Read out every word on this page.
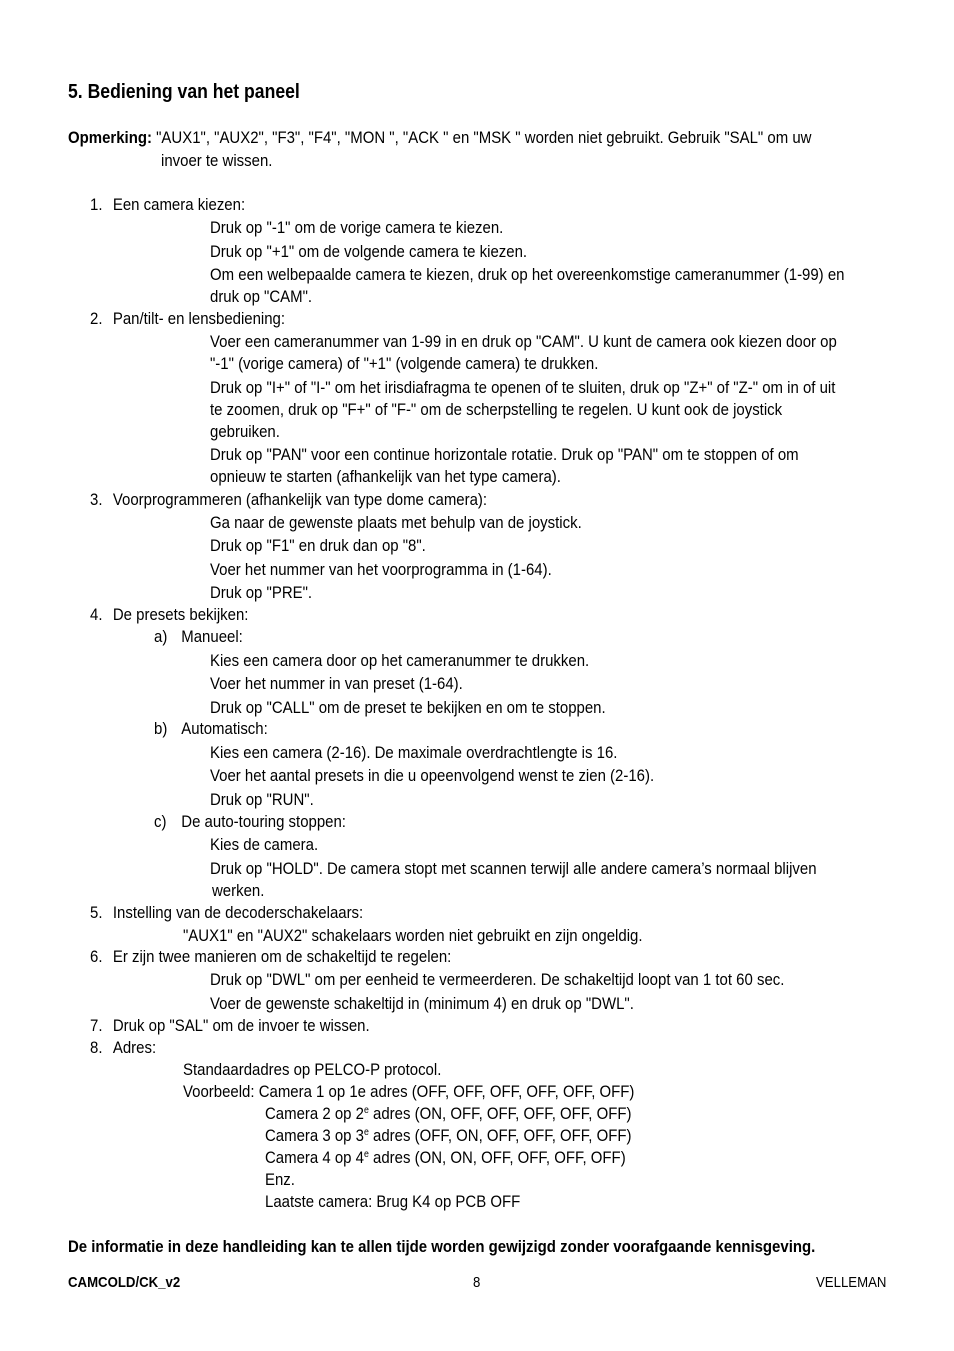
5. Bediening van het paneel
Opmerking: "AUX1", "AUX2", "F3", "F4", "MON ", "ACK " en "MSK " worden niet gebruikt. Gebruik "SAL" om uw
invoer te wissen.
1. Een camera kiezen:
Druk op "-1" om de vorige camera te kiezen.
Druk op "+1" om de volgende camera te kiezen.
Om een welbepaalde camera te kiezen, druk op het overeenkomstige cameranummer (1-99) en
druk op "CAM".
2. Pan/tilt- en lensbediening:
Voer een cameranummer van 1-99 in en druk op "CAM". U kunt de camera ook kiezen door op
"-1" (vorige camera) of "+1" (volgende camera) te drukken.
Druk op "I+" of "I-" om het irisdiafragma te openen of te sluiten, druk op "Z+" of "Z-" om in of uit
te zoomen, druk op "F+" of "F-" om de scherpstelling te regelen. U kunt ook de joystick
gebruiken.
Druk op "PAN" voor een continue horizontale rotatie. Druk op "PAN" om te stoppen of om
opnieuw te starten (afhankelijk van het type camera).
3. Voorprogrammeren (afhankelijk van type dome camera):
Ga naar de gewenste plaats met behulp van de joystick.
Druk op "F1" en druk dan op "8".
Voer het nummer van het voorprogramma in (1-64).
Druk op "PRE".
4. De presets bekijken:
a) Manueel:
Kies een camera door op het cameranummer te drukken.
Voer het nummer in van preset (1-64).
Druk op "CALL" om de preset te bekijken en om te stoppen.
b) Automatisch:
Kies een camera (2-16). De maximale overdrachtlengte is 16.
Voer het aantal presets in die u opeenvolgend wenst te zien (2-16).
Druk op "RUN".
c) De auto-touring stoppen:
Kies de camera.
Druk op "HOLD". De camera stopt met scannen terwijl alle andere camera’s normaal blijven
werken.
5. Instelling van de decoderschakelaars:
"AUX1" en "AUX2" schakelaars worden niet gebruikt en zijn ongeldig.
6. Er zijn twee manieren om de schakeltijd te regelen:
Druk op "DWL" om per eenheid te vermeerderen. De schakeltijd loopt van 1 tot 60 sec.
Voer de gewenste schakeltijd in (minimum 4) en druk op "DWL".
7. Druk op "SAL" om de invoer te wissen.
8. Adres:
Standaardadres op PELCO-P protocol.
Voorbeeld: Camera 1 op 1e adres (OFF, OFF, OFF, OFF, OFF, OFF)
Camera 2 op 2e adres (ON, OFF, OFF, OFF, OFF, OFF)
Camera 3 op 3e adres (OFF, ON, OFF, OFF, OFF, OFF)
Camera 4 op 4e adres (ON, ON, OFF, OFF, OFF, OFF)
Enz.
Laatste camera: Brug K4 op PCB OFF
De informatie in deze handleiding kan te allen tijde worden gewijzigd zonder voorafgaande kennisgeving.
CAMCOLD/CK_v2	8	VELLEMAN
